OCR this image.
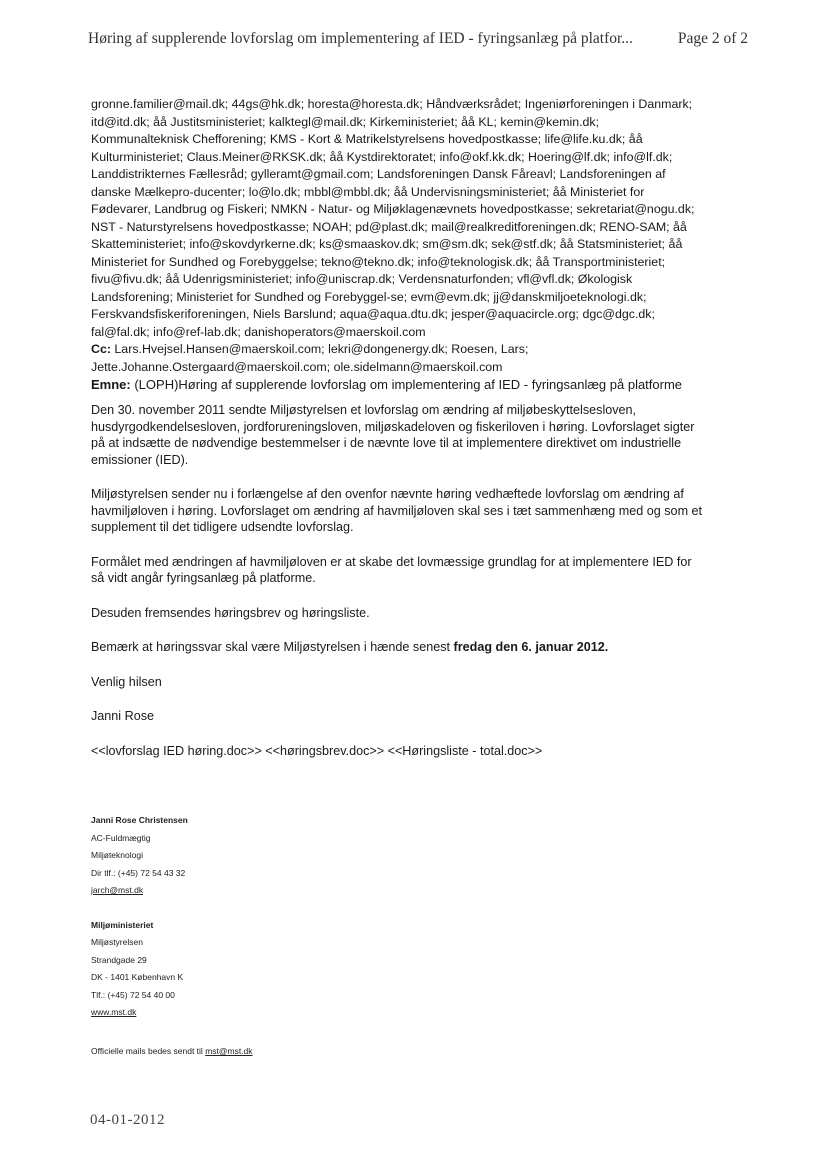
Høring af supplerende lovforslag om implementering af IED - fyringsanlæg på platfor...	Page 2 of 2
gronne.familier@mail.dk; 44gs@hk.dk; horesta@horesta.dk; Håndværksrådet; Ingeniørforeningen i Danmark;
itd@itd.dk; åå Justitsministeriet; kalktegl@mail.dk; Kirkeministeriet; åå KL; kemin@kemin.dk;
Kommunalteknisk Chefforening; KMS - Kort & Matrikelstyrelsens hovedpostkasse; life@life.ku.dk; åå
Kulturministeriet; Claus.Meiner@RKSK.dk; åå Kystdirektoratet; info@okf.kk.dk; Hoering@lf.dk; info@lf.dk;
Landdistrikternes Fællesråd; gylleramt@gmail.com; Landsforeningen Dansk Fåreavl; Landsforeningen af
danske Mælkepro-ducenter; lo@lo.dk; mbbl@mbbl.dk; åå Undervisningsministeriet; åå Ministeriet for
Fødevarer, Landbrug og Fiskeri; NMKN - Natur- og Miljøklagenævnets hovedpostkasse; sekretariat@nogu.dk;
NST - Naturstyrelsens hovedpostkasse; NOAH; pd@plast.dk; mail@realkreditforeningen.dk; RENO-SAM; åå
Skatteministeriet; info@skovdyrkerne.dk; ks@smaaskov.dk; sm@sm.dk; sek@stf.dk; åå Statsministeriet; åå
Ministeriet for Sundhed og Forebyggelse; tekno@tekno.dk; info@teknologisk.dk; åå Transportministeriet;
fivu@fivu.dk; åå Udenrigsministeriet; info@uniscrap.dk; Verdensnaturfonden; vfl@vfl.dk; Økologisk
Landsforening; Ministeriet for Sundhed og Forebyggel-se; evm@evm.dk; jj@danskmiljoeteknologi.dk;
Ferskvandsfiskeriforeningen, Niels Barslund; aqua@aqua.dtu.dk; jesper@aquacircle.org; dgc@dgc.dk;
fal@fal.dk; info@ref-lab.dk; danishoperators@maerskoil.com
Cc: Lars.Hvejsel.Hansen@maerskoil.com; lekri@dongenergy.dk; Roesen, Lars;
Jette.Johanne.Ostergaard@maerskoil.com; ole.sidelmann@maerskoil.com
Emne: (LOPH)Høring af supplerende lovforslag om implementering af IED - fyringsanlæg på platforme
Den 30. november 2011 sendte Miljøstyrelsen et lovforslag om ændring af miljøbeskyttelsesloven,
husdyrgodkendelsesloven, jordforureningsloven, miljøskadeloven og fiskeriloven i høring. Lovforslaget sigter
på at indsætte de nødvendige bestemmelser i de nævnte love til at implementere direktivet om industrielle
emissioner (IED).
Miljøstyrelsen sender nu i forlængelse af den ovenfor nævnte høring vedhæftede lovforslag om ændring af
havmiljøloven i høring. Lovforslaget om ændring af havmiljøloven skal ses i tæt sammenhæng med og som et
supplement til det tidligere udsendte lovforslag.
Formålet med ændringen af havmiljøloven er at skabe det lovmæssige grundlag for at implementere IED for
så vidt angår fyringsanlæg på platforme.
Desuden fremsendes høringsbrev og høringsliste.
Bemærk at høringssvar skal være Miljøstyrelsen i hænde senest fredag den 6. januar 2012.
Venlig hilsen
Janni Rose
<<lovforslag IED høring.doc>> <<høringsbrev.doc>> <<Høringsliste - total.doc>>
Janni Rose Christensen
AC-Fuldmægtig
Miljøteknologi
Dir tlf.: (+45) 72 54 43 32
jarch@mst.dk
Miljøministeriet
Miljøstyrelsen
Strandgade 29
DK - 1401 København K
Tlf.: (+45) 72 54 40 00
www.mst.dk
Officielle mails bedes sendt til mst@mst.dk
04-01-2012
